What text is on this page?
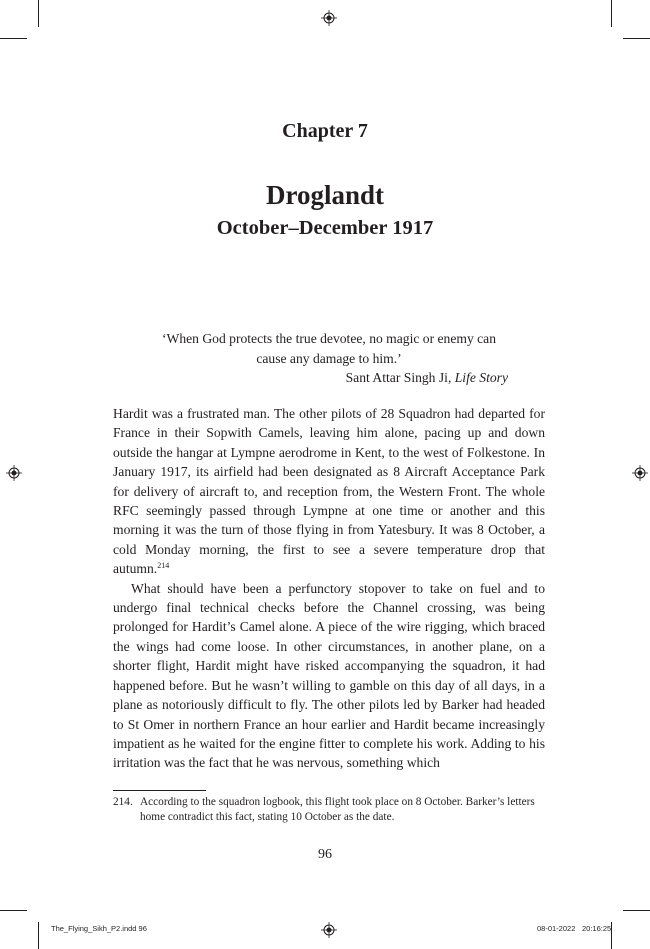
Chapter 7
Droglandt
October–December 1917
‘When God protects the true devotee, no magic or enemy can
cause any damage to him.’
Sant Attar Singh Ji, Life Story

Hardit was a frustrated man. The other pilots of 28 Squadron had departed for France in their Sopwith Camels, leaving him alone, pacing up and down outside the hangar at Lympne aerodrome in Kent, to the west of Folkestone. In January 1917, its airfield had been designated as 8 Aircraft Acceptance Park for delivery of aircraft to, and reception from, the Western Front. The whole RFC seemingly passed through Lympne at one time or another and this morning it was the turn of those flying in from Yatesbury. It was 8 October, a cold Monday morning, the first to see a severe temperature drop that autumn.$^{214}$

What should have been a perfunctory stopover to take on fuel and to undergo final technical checks before the Channel crossing, was being prolonged for Hardit’s Camel alone. A piece of the wire rigging, which braced the wings had come loose. In other circumstances, in another plane, on a shorter flight, Hardit might have risked accompanying the squadron, it had happened before. But he wasn’t willing to gamble on this day of all days, in a plane as notoriously difficult to fly. The other pilots led by Barker had headed to St Omer in northern France an hour earlier and Hardit became increasingly impatient as he waited for the engine fitter to complete his work. Adding to his irritation was the fact that he was nervous, something which

214. According to the squadron logbook, this flight took place on 8 October. Barker’s letters
home contradict this fact, stating 10 October as the date.
96
The_Flying_Sikh_P2.indd 96	08-01-2022 20:16:25
